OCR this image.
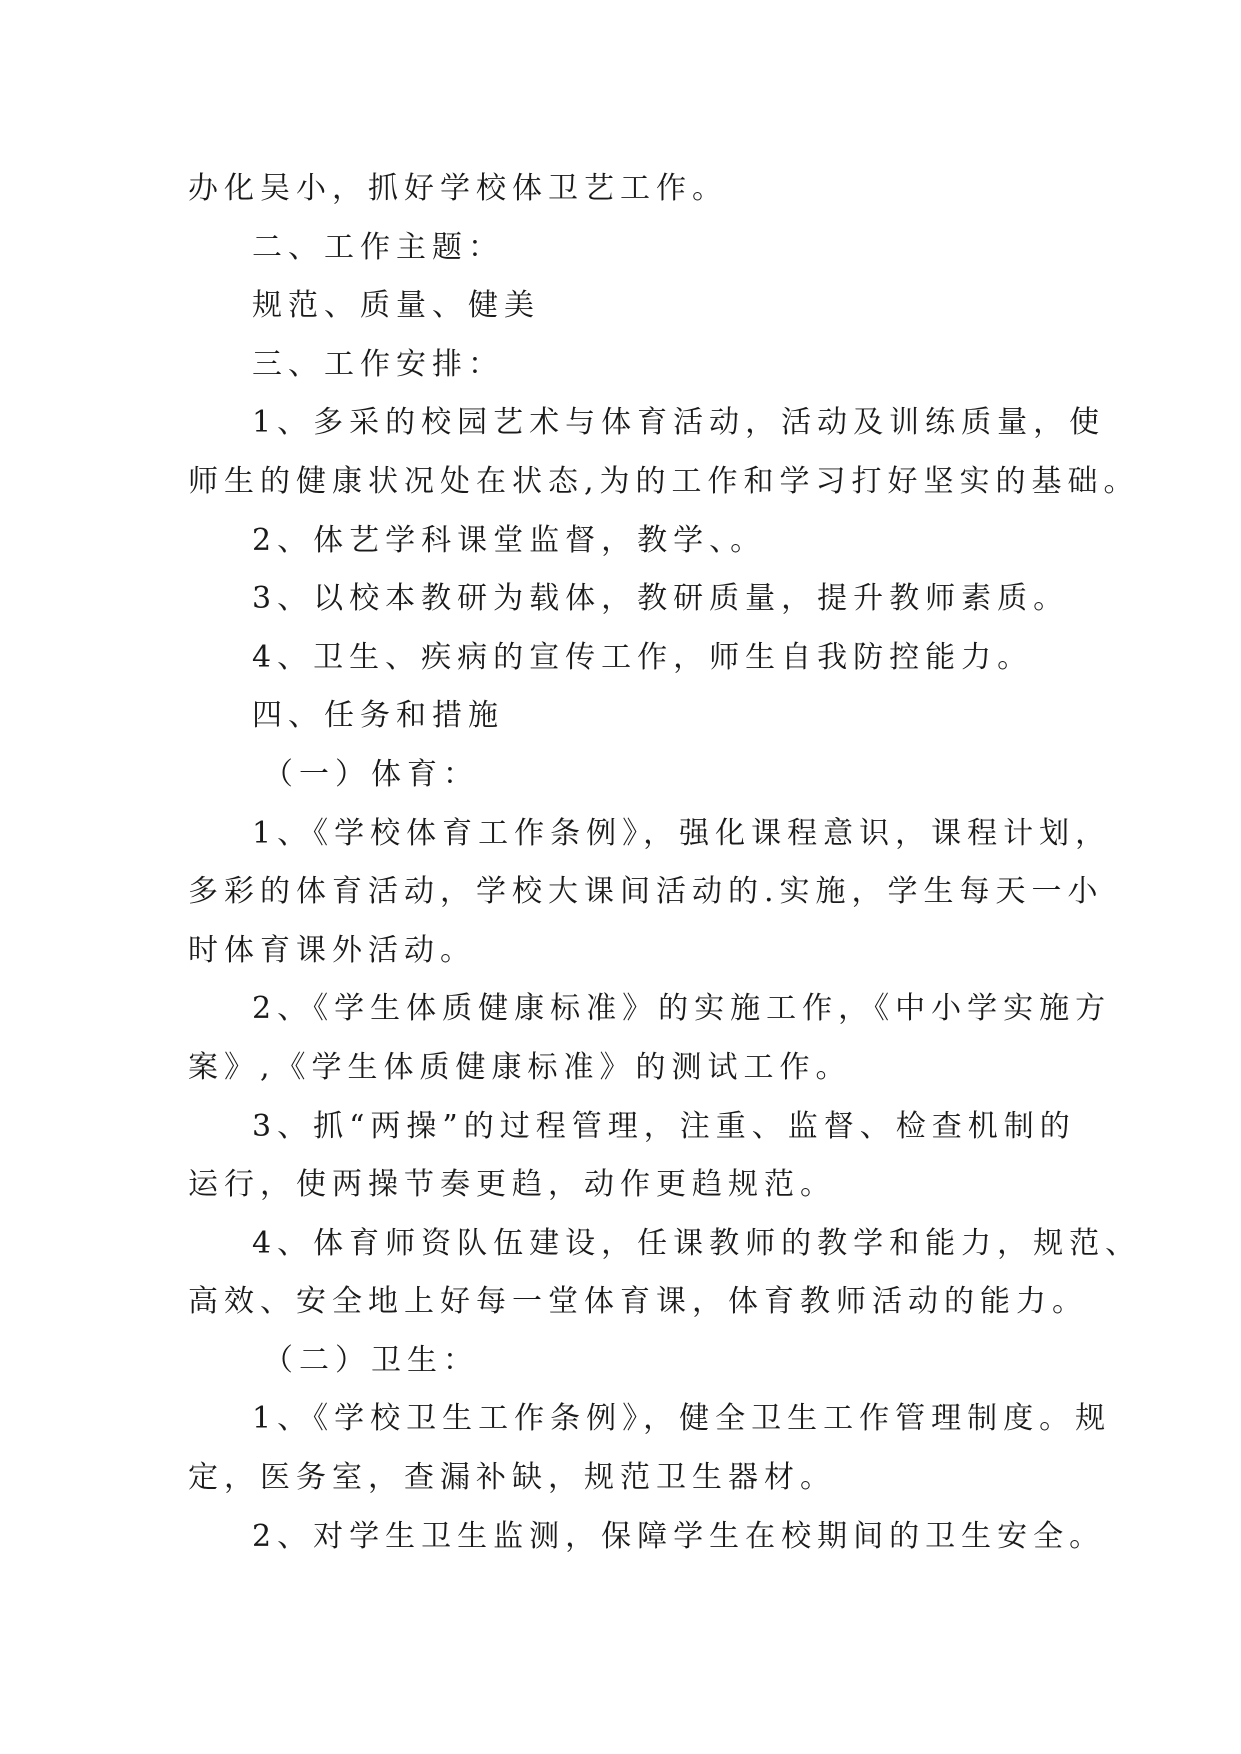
办化吴小，抓好学校体卫艺工作。

二、工作主题：

规范、质量、健美

三、工作安排：

1、多采的校园艺术与体育活动，活动及训练质量，使

师生的健康状况处在状态,为的工作和学习打好坚实的基础。

2、体艺学科课堂监督，教学、。

3、以校本教研为载体，教研质量，提升教师素质。

4、卫生、疾病的宣传工作，师生自我防控能力。

四、任务和措施

（一）体育：

1、《学校体育工作条例》，强化课程意识，课程计划，

多彩的体育活动，学校大课间活动的.实施，学生每天一小

时体育课外活动。

2、《学生体质健康标准》的实施工作，《中小学实施方

案》,《学生体质健康标准》的测试工作。

3、抓“两操”的过程管理，注重、监督、检查机制的

运行，使两操节奏更趋，动作更趋规范。

4、体育师资队伍建设，任课教师的教学和能力，规范、

高效、安全地上好每一堂体育课，体育教师活动的能力。

（二）卫生：

1、《学校卫生工作条例》，健全卫生工作管理制度。规

定，医务室，查漏补缺，规范卫生器材。

2、对学生卫生监测，保障学生在校期间的卫生安全。
